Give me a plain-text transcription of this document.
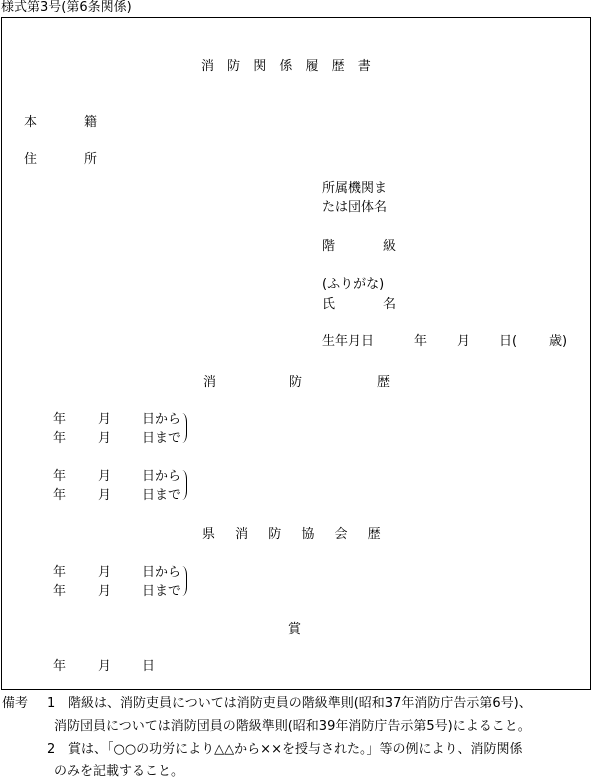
様式第3号(第6条関係)
消 防 関 係 履 歴 書
本	籍
住	所
所属機関ま
たは団体名
階	級
(ふりがな)
氏	名
生年月日	年 月 日( 歳)
消	防	歴
年 月 日から
年 月 日まで
年 月 日から
年 月 日まで
県 消 防 協 会 歴
年 月 日から
年 月 日まで
賞
年 月 日
備考 1 階級は、消防吏員については消防吏員の階級準則(昭和37年消防庁告示第6号)、
消防団員については消防団員の階級準則(昭和39年消防庁告示第5号)によること。
2 賞は、「○○の功労により△△から××を授与された。」等の例により、消防関係
のみを記載すること。
